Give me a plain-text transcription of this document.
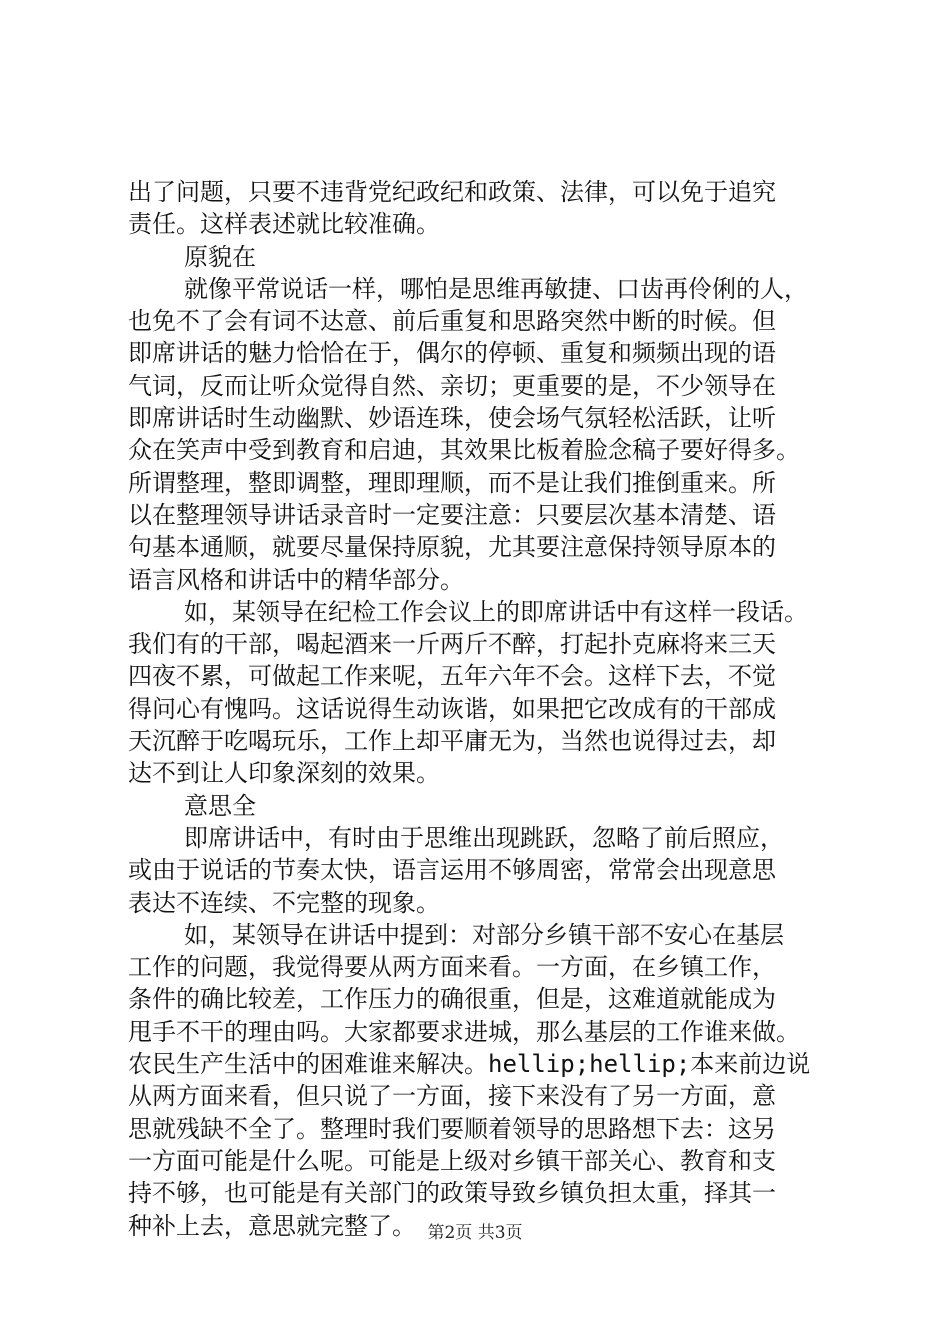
出了问题，只要不违背党纪政纪和政策、法律，可以免于追究
责任。这样表述就比较准确。
原貌在
就像平常说话一样，哪怕是思维再敏捷、口齿再伶俐的人，
也免不了会有词不达意、前后重复和思路突然中断的时候。但
即席讲话的魅力恰恰在于，偶尔的停顿、重复和频频出现的语
气词，反而让听众觉得自然、亲切；更重要的是，不少领导在
即席讲话时生动幽默、妙语连珠，使会场气氛轻松活跃，让听
众在笑声中受到教育和启迪，其效果比板着脸念稿子要好得多。
所谓整理，整即调整，理即理顺，而不是让我们推倒重来。所
以在整理领导讲话录音时一定要注意：只要层次基本清楚、语
句基本通顺，就要尽量保持原貌，尤其要注意保持领导原本的
语言风格和讲话中的精华部分。
如，某领导在纪检工作会议上的即席讲话中有这样一段话。
我们有的干部，喝起酒来一斤两斤不醉，打起扑克麻将来三天
四夜不累，可做起工作来呢，五年六年不会。这样下去，不觉
得问心有愧吗。这话说得生动诙谐，如果把它改成有的干部成
天沉醉于吃喝玩乐，工作上却平庸无为，当然也说得过去，却
达不到让人印象深刻的效果。
意思全
即席讲话中，有时由于思维出现跳跃，忽略了前后照应，
或由于说话的节奏太快，语言运用不够周密，常常会出现意思
表达不连续、不完整的现象。
如，某领导在讲话中提到：对部分乡镇干部不安心在基层
工作的问题，我觉得要从两方面来看。一方面，在乡镇工作，
条件的确比较差，工作压力的确很重，但是，这难道就能成为
甩手不干的理由吗。大家都要求进城，那么基层的工作谁来做。
农民生产生活中的困难谁来解决。hellip;hellip;本来前边说
从两方面来看，但只说了一方面，接下来没有了另一方面，意
思就残缺不全了。整理时我们要顺着领导的思路想下去：这另
一方面可能是什么呢。可能是上级对乡镇干部关心、教育和支
持不够，也可能是有关部门的政策导致乡镇负担太重，择其一
种补上去，意思就完整了。 第2页 共3页
